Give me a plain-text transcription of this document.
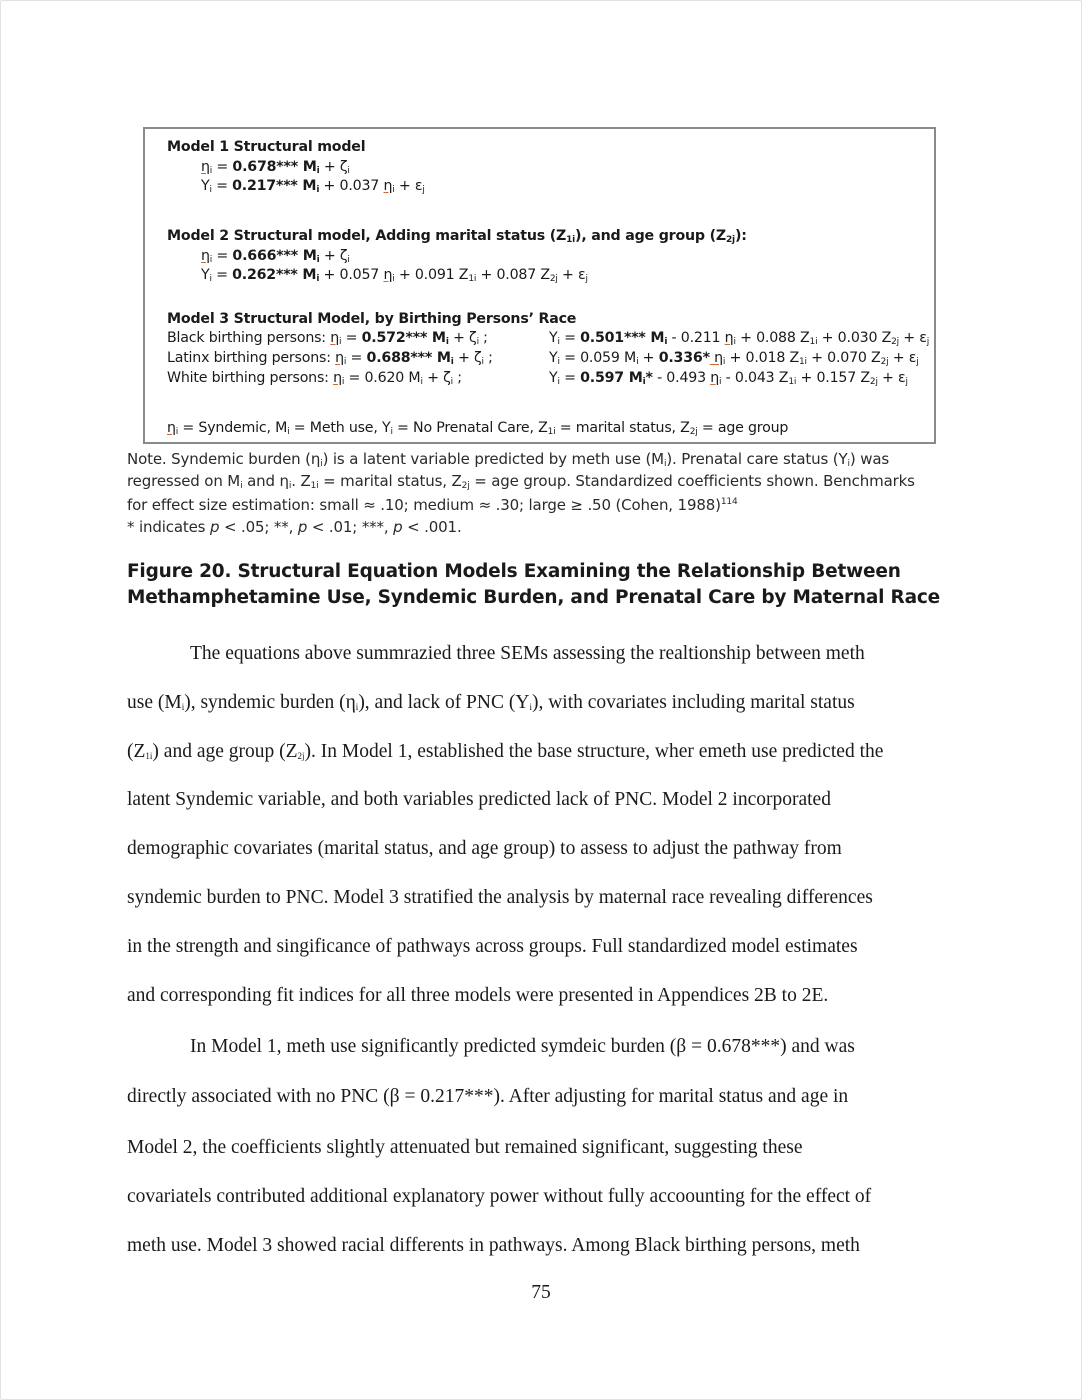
Model 1 Structural model
$\eta_i = 0.678***$ $M_i + \zeta_i$
$Y_i = 0.217***$ $M_i + 0.037$ $\eta_i + \varepsilon_j$
Model 2 Structural model, Adding marital status $(Z_{1i})$, and age group $(Z_{2j})$:
$\eta_i = 0.666***$ $M_i + \zeta_i$
$Y_i = 0.262***$ $M_i + 0.057$ $\eta_i + 0.091$ $Z_{1i} + 0.087$ $Z_{2j} + \varepsilon_j$
Model 3 Structural Model, by Birthing Persons’ Race
Black birthing persons: $\eta_i = 0.572***$ $M_i + \zeta_i$ ;	$Y_i = 0.501***$ $M_i - 0.211$ $\eta_i + 0.088$ $Z_{1i} + 0.030$ $Z_{2j} + \varepsilon_j$
Latinx birthing persons: $\eta_i = 0.688***$ $M_i + \zeta_i$ ;	$Y_i = 0.059$ $M_i + 0.336*$ $\eta_i + 0.018$ $Z_{1i} + 0.070$ $Z_{2j} + \varepsilon_j$
White birthing persons: $\eta_i = 0.620$ $M_i + \zeta_i$ ;	$Y_i = 0.597$ $M_i* - 0.493$ $\eta_i - 0.043$ $Z_{1i} + 0.157$ $Z_{2j} + \varepsilon_j$
$\eta_i$ = Syndemic, $M_i$ = Meth use, $Y_i = No$ Prenatal Care, $Z_{1i}$ = marital status, $Z_{2j}$ = age group
Note. Syndemic burden $(\eta_i)$ is a latent variable predicted by meth use $(M_i)$. Prenatal care status $(Y_i)$ was
regressed on $M_i$ and $\eta_i$. $Z_{1i}$ = marital status, $Z_{2j}$ = age group. Standardized coefficients shown. Benchmarks
for effect size estimation: small ≈ .10; medium ≈ .30; large ≥ .50 (Cohen, 1988)$^{114}$
* indicates p < .05; **, p < .01; ***, p < .001.
Figure 20. Structural Equation Models Examining the Relationship Between
Methamphetamine Use, Syndemic Burden, and Prenatal Care by Maternal Race
The equations above summrazied three SEMs assessing the realtionship between meth
use $(M_i)$, syndemic burden $(\eta_i)$, and lack of PNC $(Y_i)$, with covariates including marital status
$(Z_{1i})$ and age group $(Z_{2j})$. In Model 1, established the base structure, wher emeth use predicted the
latent Syndemic variable, and both variables predicted lack of PNC. Model 2 incorporated
demographic covariates (marital status, and age group) to assess to adjust the pathway from
syndemic burden to PNC. Model 3 stratified the analysis by maternal race revealing differences
in the strength and singificance of pathways across groups. Full standardized model estimates
and corresponding fit indices for all three models were presented in Appendices 2B to 2E.
In Model 1, meth use significantly predicted symdeic burden (β = 0.678***) and was
directly associated with no PNC (β = 0.217***). After adjusting for marital status and age in
Model 2, the coefficients slightly attenuated but remained significant, suggesting these
covariatels contributed additional explanatory power without fully accoounting for the effect of
meth use. Model 3 showed racial differents in pathways. Among Black birthing persons, meth
75
